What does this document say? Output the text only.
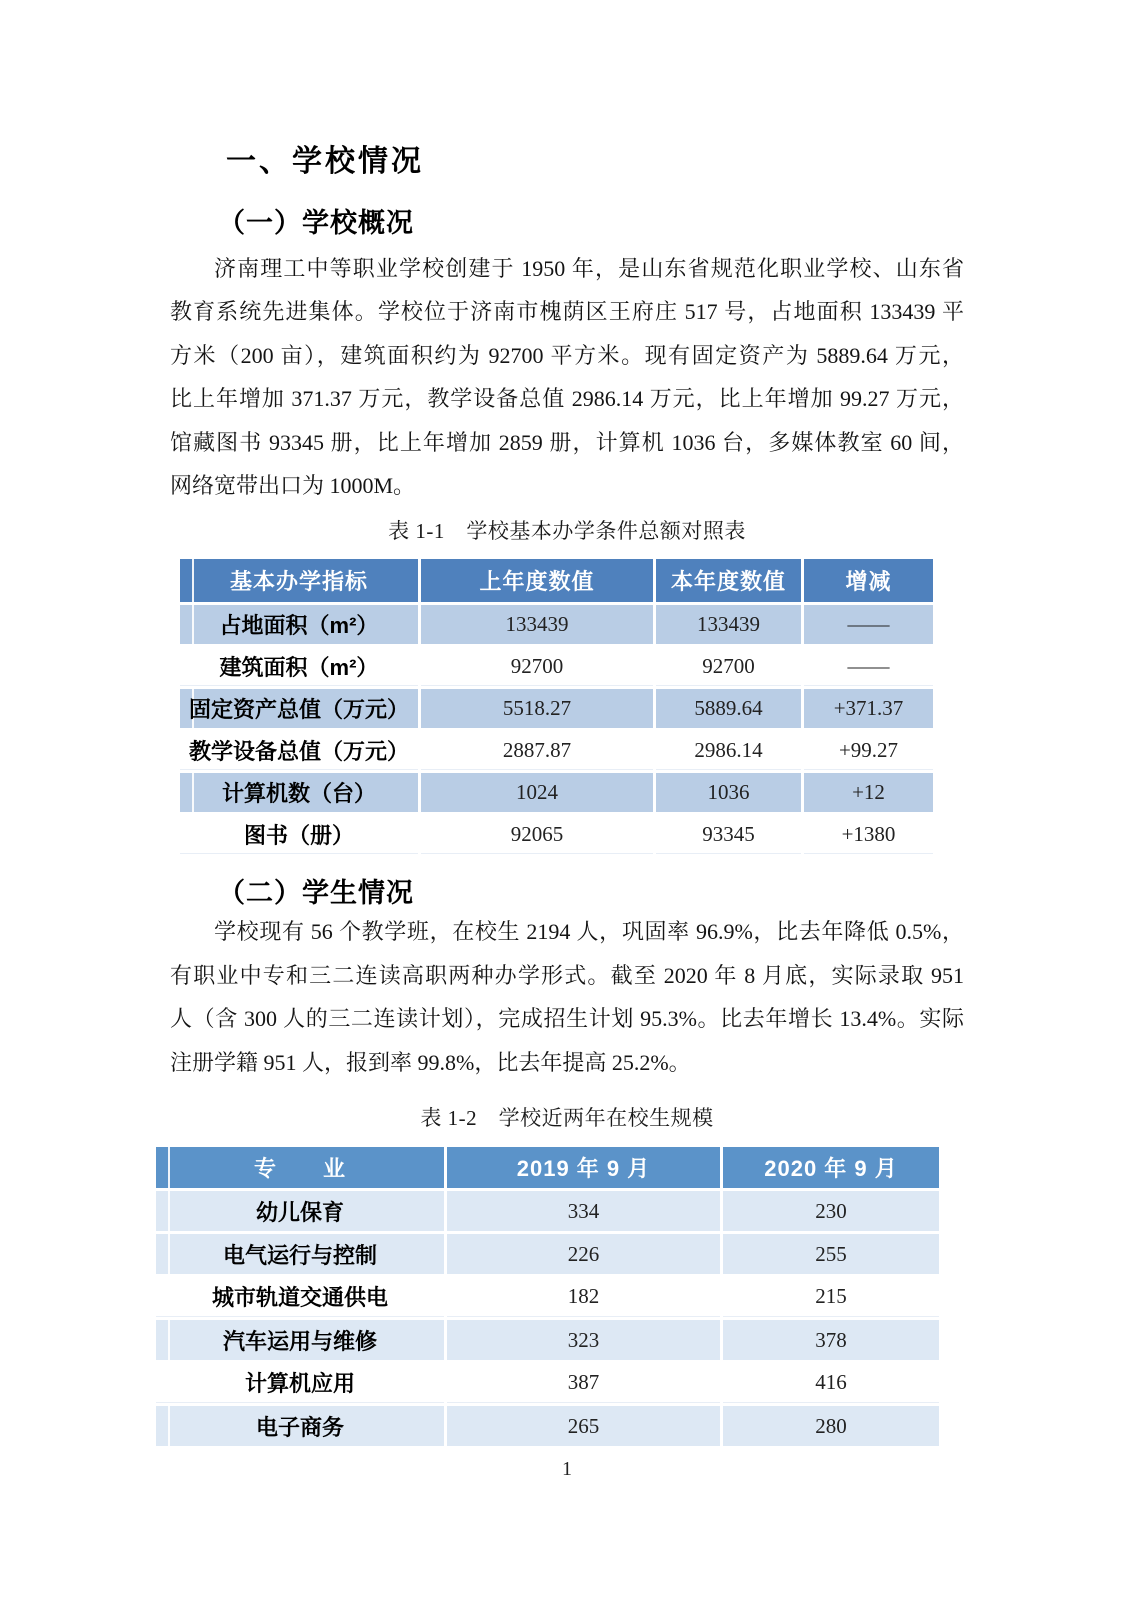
一、学校情况
（一）学校概况
济南理工中等职业学校创建于 1950 年，是山东省规范化职业学校、山东省
教育系统先进集体。学校位于济南市槐荫区王府庄 517 号，占地面积 133439 平
方米（200 亩），建筑面积约为 92700 平方米。现有固定资产为 5889.64 万元，
比上年增加 371.37 万元，教学设备总值 2986.14 万元，比上年增加 99.27 万元，
馆藏图书 93345 册，比上年增加 2859 册，计算机 1036 台，多媒体教室 60 间，
网络宽带出口为 1000M。
表 1-1　学校基本办学条件总额对照表
基本办学指标	上年度数值	本年度数值	增减
占地面积（m²）	133439	133439	——
建筑面积（m²）	92700	92700	——
固定资产总值（万元）	5518.27	5889.64	+371.37
教学设备总值（万元）	2887.87	2986.14	+99.27
计算机数（台）	1024	1036	+12
图书（册）	92065	93345	+1380
（二）学生情况
学校现有 56 个教学班，在校生 2194 人，巩固率 96.9%，比去年降低 0.5%，
有职业中专和三二连读高职两种办学形式。截至 2020 年 8 月底，实际录取 951
人（含 300 人的三二连读计划），完成招生计划 95.3%。比去年增长 13.4%。实际
注册学籍 951 人，报到率 99.8%，比去年提高 25.2%。
表 1-2　学校近两年在校生规模
专　　业	2019 年 9 月	2020 年 9 月
幼儿保育	334	230
电气运行与控制	226	255
城市轨道交通供电	182	215
汽车运用与维修	323	378
计算机应用	387	416
电子商务	265	280
1
